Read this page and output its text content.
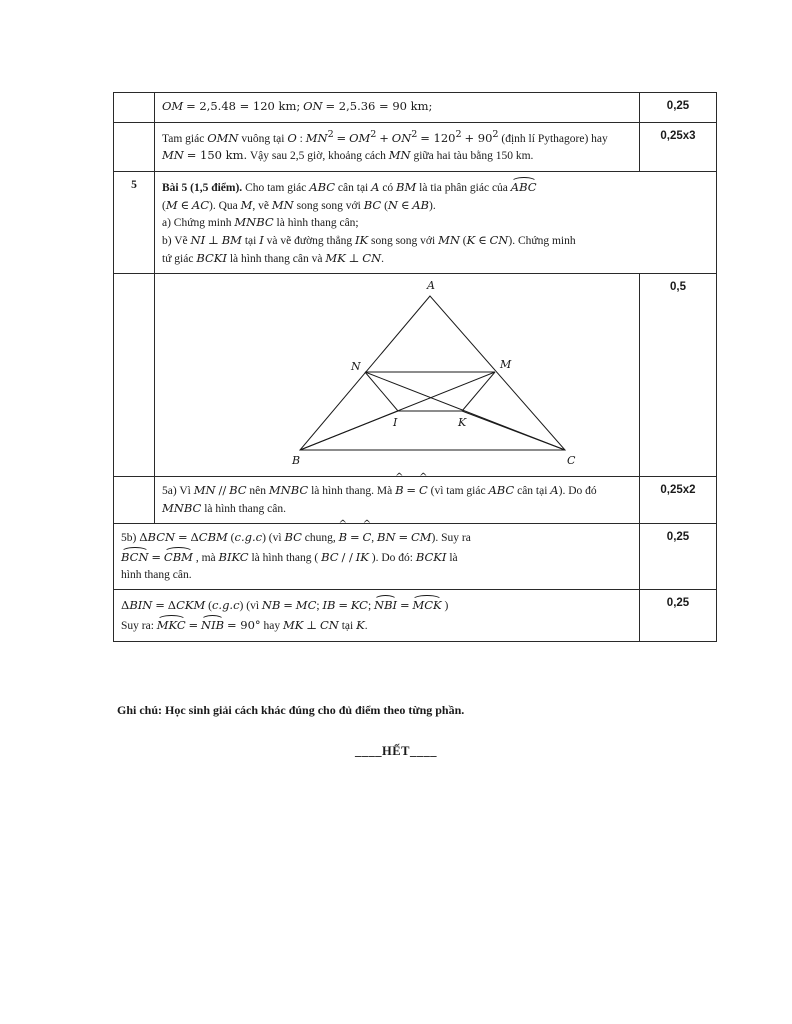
	OM = 2,5.48 = 120 km; ON = 2,5.36 = 90 km;	0,25
	Tam giác OMN vuông tại O : $MN^2 = OM^2 + ON^2 = 120^2 + 90^2$ (định lí Pythagore) hay MN = 150 km. Vậy sau 2,5 giờ, khoảng cách MN giữa hai tàu bằng 150 km.	0,25x3
5	Bài 5 (1,5 điểm). Cho tam giác ABC cân tại A có BM là tia phân giác của ABC
(M ∈ AC). Qua M, vẽ MN song song với BC (N ∈ AB).
a) Chứng minh MNBC là hình thang cân;
b) Vẽ NI ⊥ BM tại I và vẽ đường thẳng IK song song với MN (K ∈ CN). Chứng minh
tứ giác BCKI là hình thang cân và MK ⊥ CN.	

A
B	C
M
N
I	K
	0,5
	5a) Vì MN // BC nên MNBC là hình thang. Mà ^ B = ^ C (vì tam giác ABC cân tại A). Do đó MNBC là hình thang cân.	0,25x2
5b) ΔBCN = ΔCBM (c.g.c) (vì BC chung, ^ B = ^ C, BN = CM). Suy ra
BCN = CBM , mà BIKC là hình thang ( BC / / IK ). Do đó: BCKI là
hình thang cân.		0,25
ΔBIN = ΔCKM (c.g.c) (vì NB = MC; IB = KC; NBI = MCK )
Suy ra: MKC = NIB = 90° hay MK ⊥ CN tại K.		0,25
Ghi chú: Học sinh giải cách khác đúng cho đủ điểm theo từng phần.
____HẾT____
